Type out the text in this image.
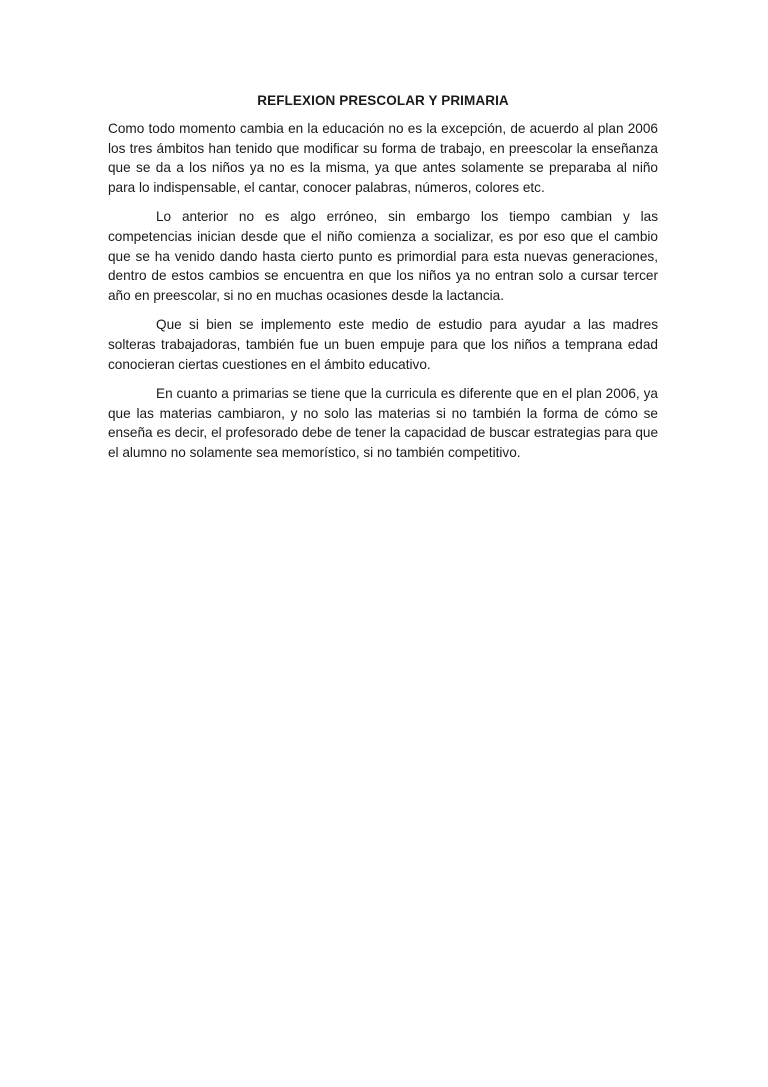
REFLEXION PRESCOLAR Y PRIMARIA

Como todo momento cambia en la educación no es la excepción, de acuerdo al plan 2006 los tres ámbitos han tenido que modificar su forma de trabajo, en preescolar la enseñanza que se da a los niños ya no es la misma, ya que antes solamente se preparaba al niño para lo indispensable, el cantar, conocer palabras, números, colores etc.

Lo anterior no es algo erróneo, sin embargo los tiempo cambian y las competencias inician desde que el niño comienza a socializar, es por eso que el cambio que se ha venido dando hasta cierto punto es primordial para esta nuevas generaciones, dentro de estos cambios se encuentra en que los niños ya no entran solo a cursar tercer año en preescolar, si no en muchas ocasiones desde la lactancia.

Que si bien se implemento este medio de estudio para ayudar a las madres solteras trabajadoras, también fue un buen empuje para que los niños a temprana edad conocieran ciertas cuestiones en el ámbito educativo.

En cuanto a primarias se tiene que la curricula es diferente que en el plan 2006, ya que las materias cambiaron, y no solo las materias si no también la forma de cómo se enseña es decir, el profesorado debe de tener la capacidad de buscar estrategias para que el alumno no solamente sea memorístico, si no también competitivo.
